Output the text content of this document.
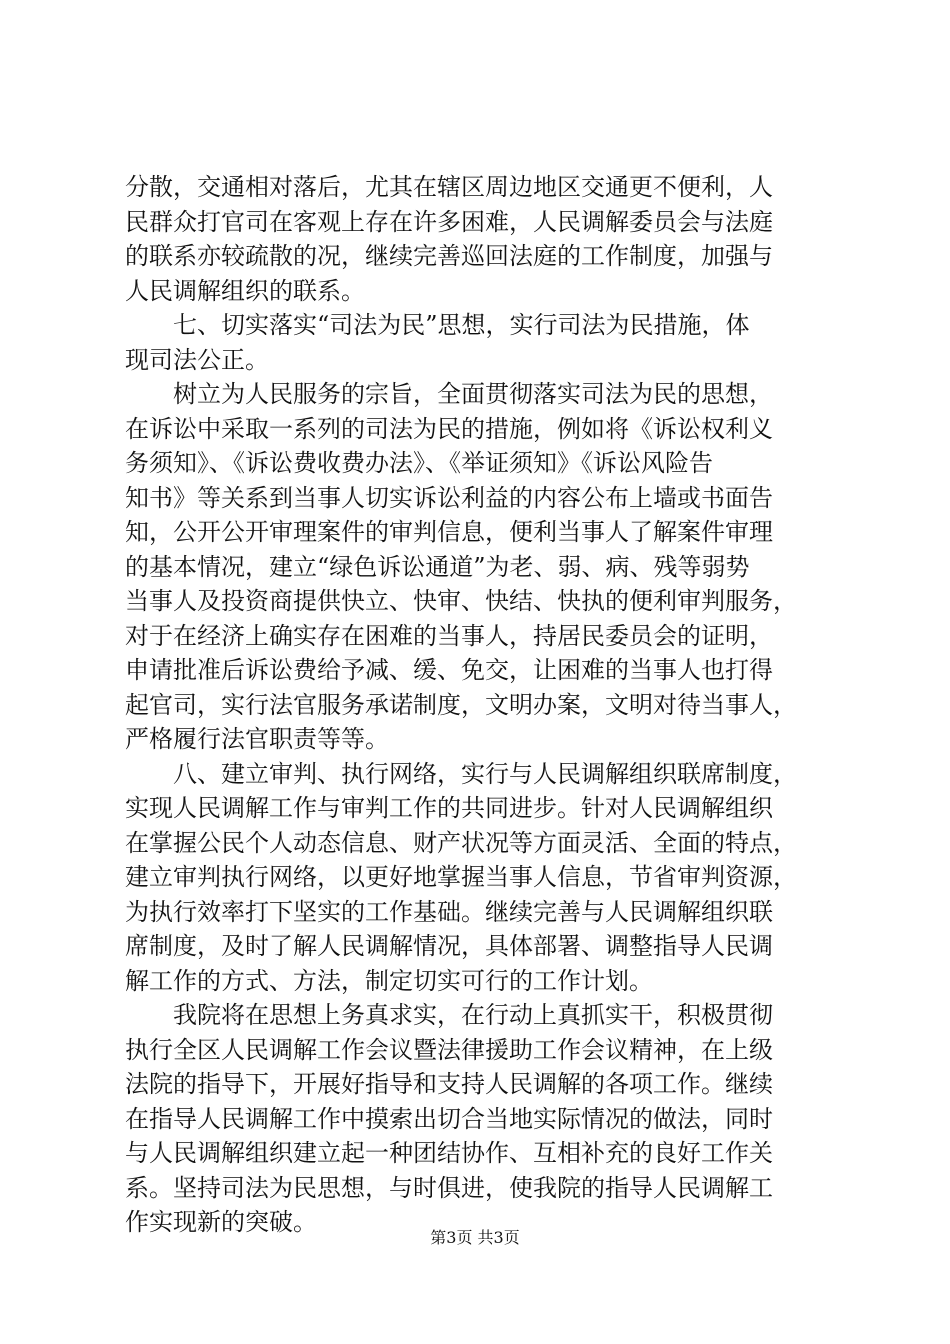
分散，交通相对落后，尤其在辖区周边地区交通更不便利，人
民群众打官司在客观上存在许多困难，人民调解委员会与法庭
的联系亦较疏散的况，继续完善巡回法庭的工作制度，加强与
人民调解组织的联系。
　　七、切实落实“司法为民”思想，实行司法为民措施，体
现司法公正。
　　树立为人民服务的宗旨，全面贯彻落实司法为民的思想，
在诉讼中采取一系列的司法为民的措施，例如将《诉讼权利义
务须知》、《诉讼费收费办法》、《举证须知》《诉讼风险告
知书》等关系到当事人切实诉讼利益的内容公布上墙或书面告
知，公开公开审理案件的审判信息，便利当事人了解案件审理
的基本情况，建立“绿色诉讼通道”为老、弱、病、残等弱势
当事人及投资商提供快立、快审、快结、快执的便利审判服务，
对于在经济上确实存在困难的当事人，持居民委员会的证明，
申请批准后诉讼费给予减、缓、免交，让困难的当事人也打得
起官司，实行法官服务承诺制度，文明办案，文明对待当事人，
严格履行法官职责等等。
　　八、建立审判、执行网络，实行与人民调解组织联席制度，
实现人民调解工作与审判工作的共同进步。针对人民调解组织
在掌握公民个人动态信息、财产状况等方面灵活、全面的特点，
建立审判执行网络，以更好地掌握当事人信息，节省审判资源，
为执行效率打下坚实的工作基础。继续完善与人民调解组织联
席制度，及时了解人民调解情况，具体部署、调整指导人民调
解工作的方式、方法，制定切实可行的工作计划。
　　我院将在思想上务真求实，在行动上真抓实干，积极贯彻
执行全区人民调解工作会议暨法律援助工作会议精神，在上级
法院的指导下，开展好指导和支持人民调解的各项工作。继续
在指导人民调解工作中摸索出切合当地实际情况的做法，同时
与人民调解组织建立起一种团结协作、互相补充的良好工作关
系。坚持司法为民思想，与时俱进，使我院的指导人民调解工
作实现新的突破。
第3页 共3页
